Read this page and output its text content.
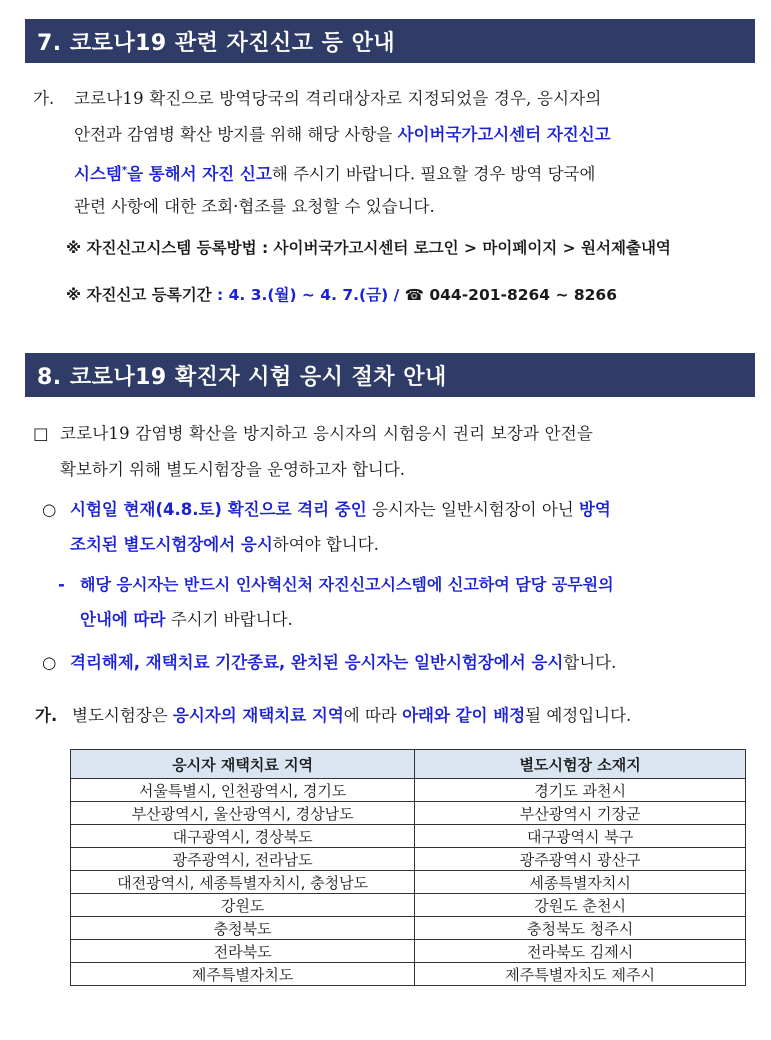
7. 코로나19 관련 자진신고 등 안내
가. 코로나19 확진으로 방역당국의 격리대상자로 지정되었을 경우, 응시자의
안전과 감염병 확산 방지를 위해 해당 사항을 사이버국가고시센터 자진신고
시스템*을 통해서 자진 신고해 주시기 바랍니다. 필요할 경우 방역 당국에
관련 사항에 대한 조회·협조를 요청할 수 있습니다.
※ 자진신고시스템 등록방법 : 사이버국가고시센터 로그인 > 마이페이지 > 원서제출내역
※ 자진신고 등록기간 : 4. 3.(월) ~ 4. 7.(금) / ☎ 044-201-8264 ~ 8266
8. 코로나19 확진자 시험 응시 절차 안내
□ 코로나19 감염병 확산을 방지하고 응시자의 시험응시 권리 보장과 안전을
확보하기 위해 별도시험장을 운영하고자 합니다.
○ 시험일 현재(4.8.토) 확진으로 격리 중인 응시자는 일반시험장이 아닌 방역
조치된 별도시험장에서 응시하여야 합니다.
- 해당 응시자는 반드시 인사혁신처 자진신고시스템에 신고하여 담당 공무원의
안내에 따라 주시기 바랍니다.
○ 격리해제, 재택치료 기간종료, 완치된 응시자는 일반시험장에서 응시합니다.
가. 별도시험장은 응시자의 재택치료 지역에 따라 아래와 같이 배정될 예정입니다.
응시자 재택치료 지역	별도시험장 소재지
서울특별시, 인천광역시, 경기도	경기도 과천시
부산광역시, 울산광역시, 경상남도	부산광역시 기장군
대구광역시, 경상북도	대구광역시 북구
광주광역시, 전라남도	광주광역시 광산구
대전광역시, 세종특별자치시, 충청남도	세종특별자치시
강원도	강원도 춘천시
충청북도	충청북도 청주시
전라북도	전라북도 김제시
제주특별자치도	제주특별자치도 제주시
